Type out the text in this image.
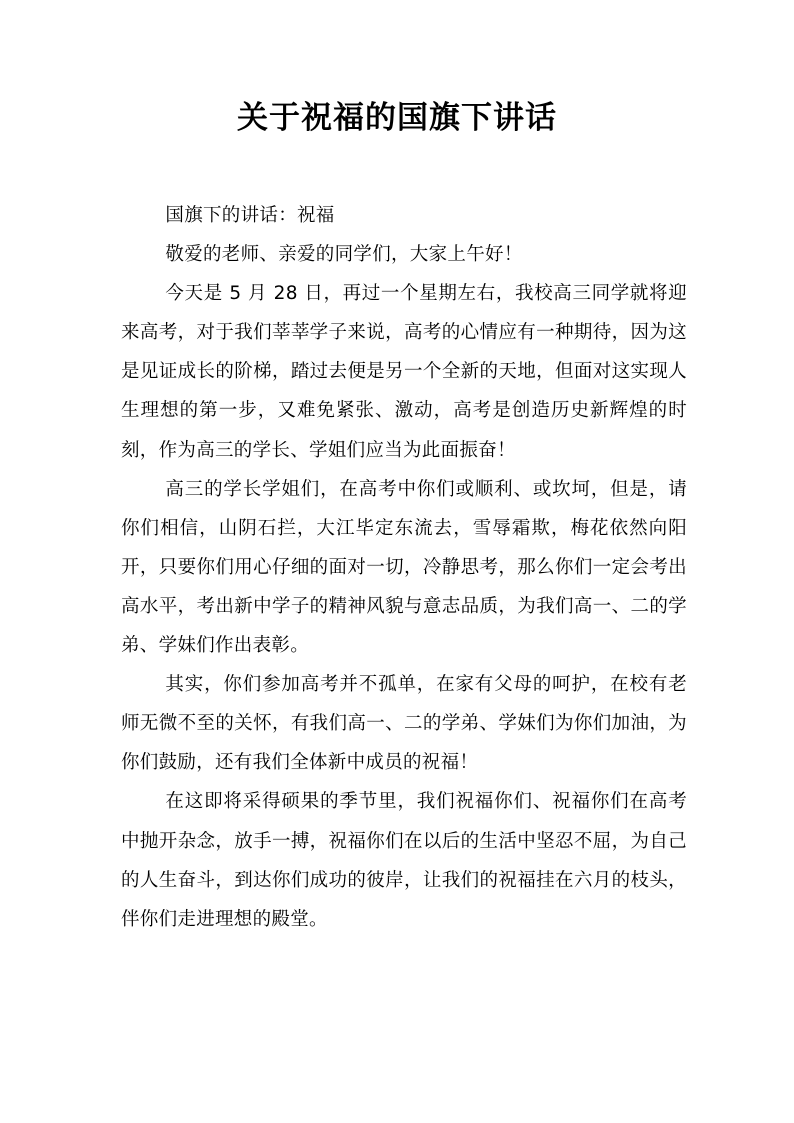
关于祝福的国旗下讲话

国旗下的讲话：祝福

敬爱的老师、亲爱的同学们，大家上午好！

今天是 5 月 28 日，再过一个星期左右，我校高三同学就将迎来高考，对于我们莘莘学子来说，高考的心情应有一种期待，因为这是见证成长的阶梯，踏过去便是另一个全新的天地，但面对这实现人生理想的第一步，又难免紧张、激动，高考是创造历史新辉煌的时刻，作为高三的学长、学姐们应当为此面振奋！

高三的学长学姐们，在高考中你们或顺利、或坎坷，但是，请你们相信，山阴石拦，大江毕定东流去，雪辱霜欺，梅花依然向阳开，只要你们用心仔细的面对一切，冷静思考，那么你们一定会考出高水平，考出新中学子的精神风貌与意志品质，为我们高一、二的学弟、学妹们作出表彰。

其实，你们参加高考并不孤单，在家有父母的呵护，在校有老师无微不至的关怀，有我们高一、二的学弟、学妹们为你们加油，为你们鼓励，还有我们全体新中成员的祝福！

在这即将采得硕果的季节里，我们祝福你们、祝福你们在高考中抛开杂念，放手一搏，祝福你们在以后的生活中坚忍不屈，为自己的人生奋斗，到达你们成功的彼岸，让我们的祝福挂在六月的枝头，伴你们走进理想的殿堂。
